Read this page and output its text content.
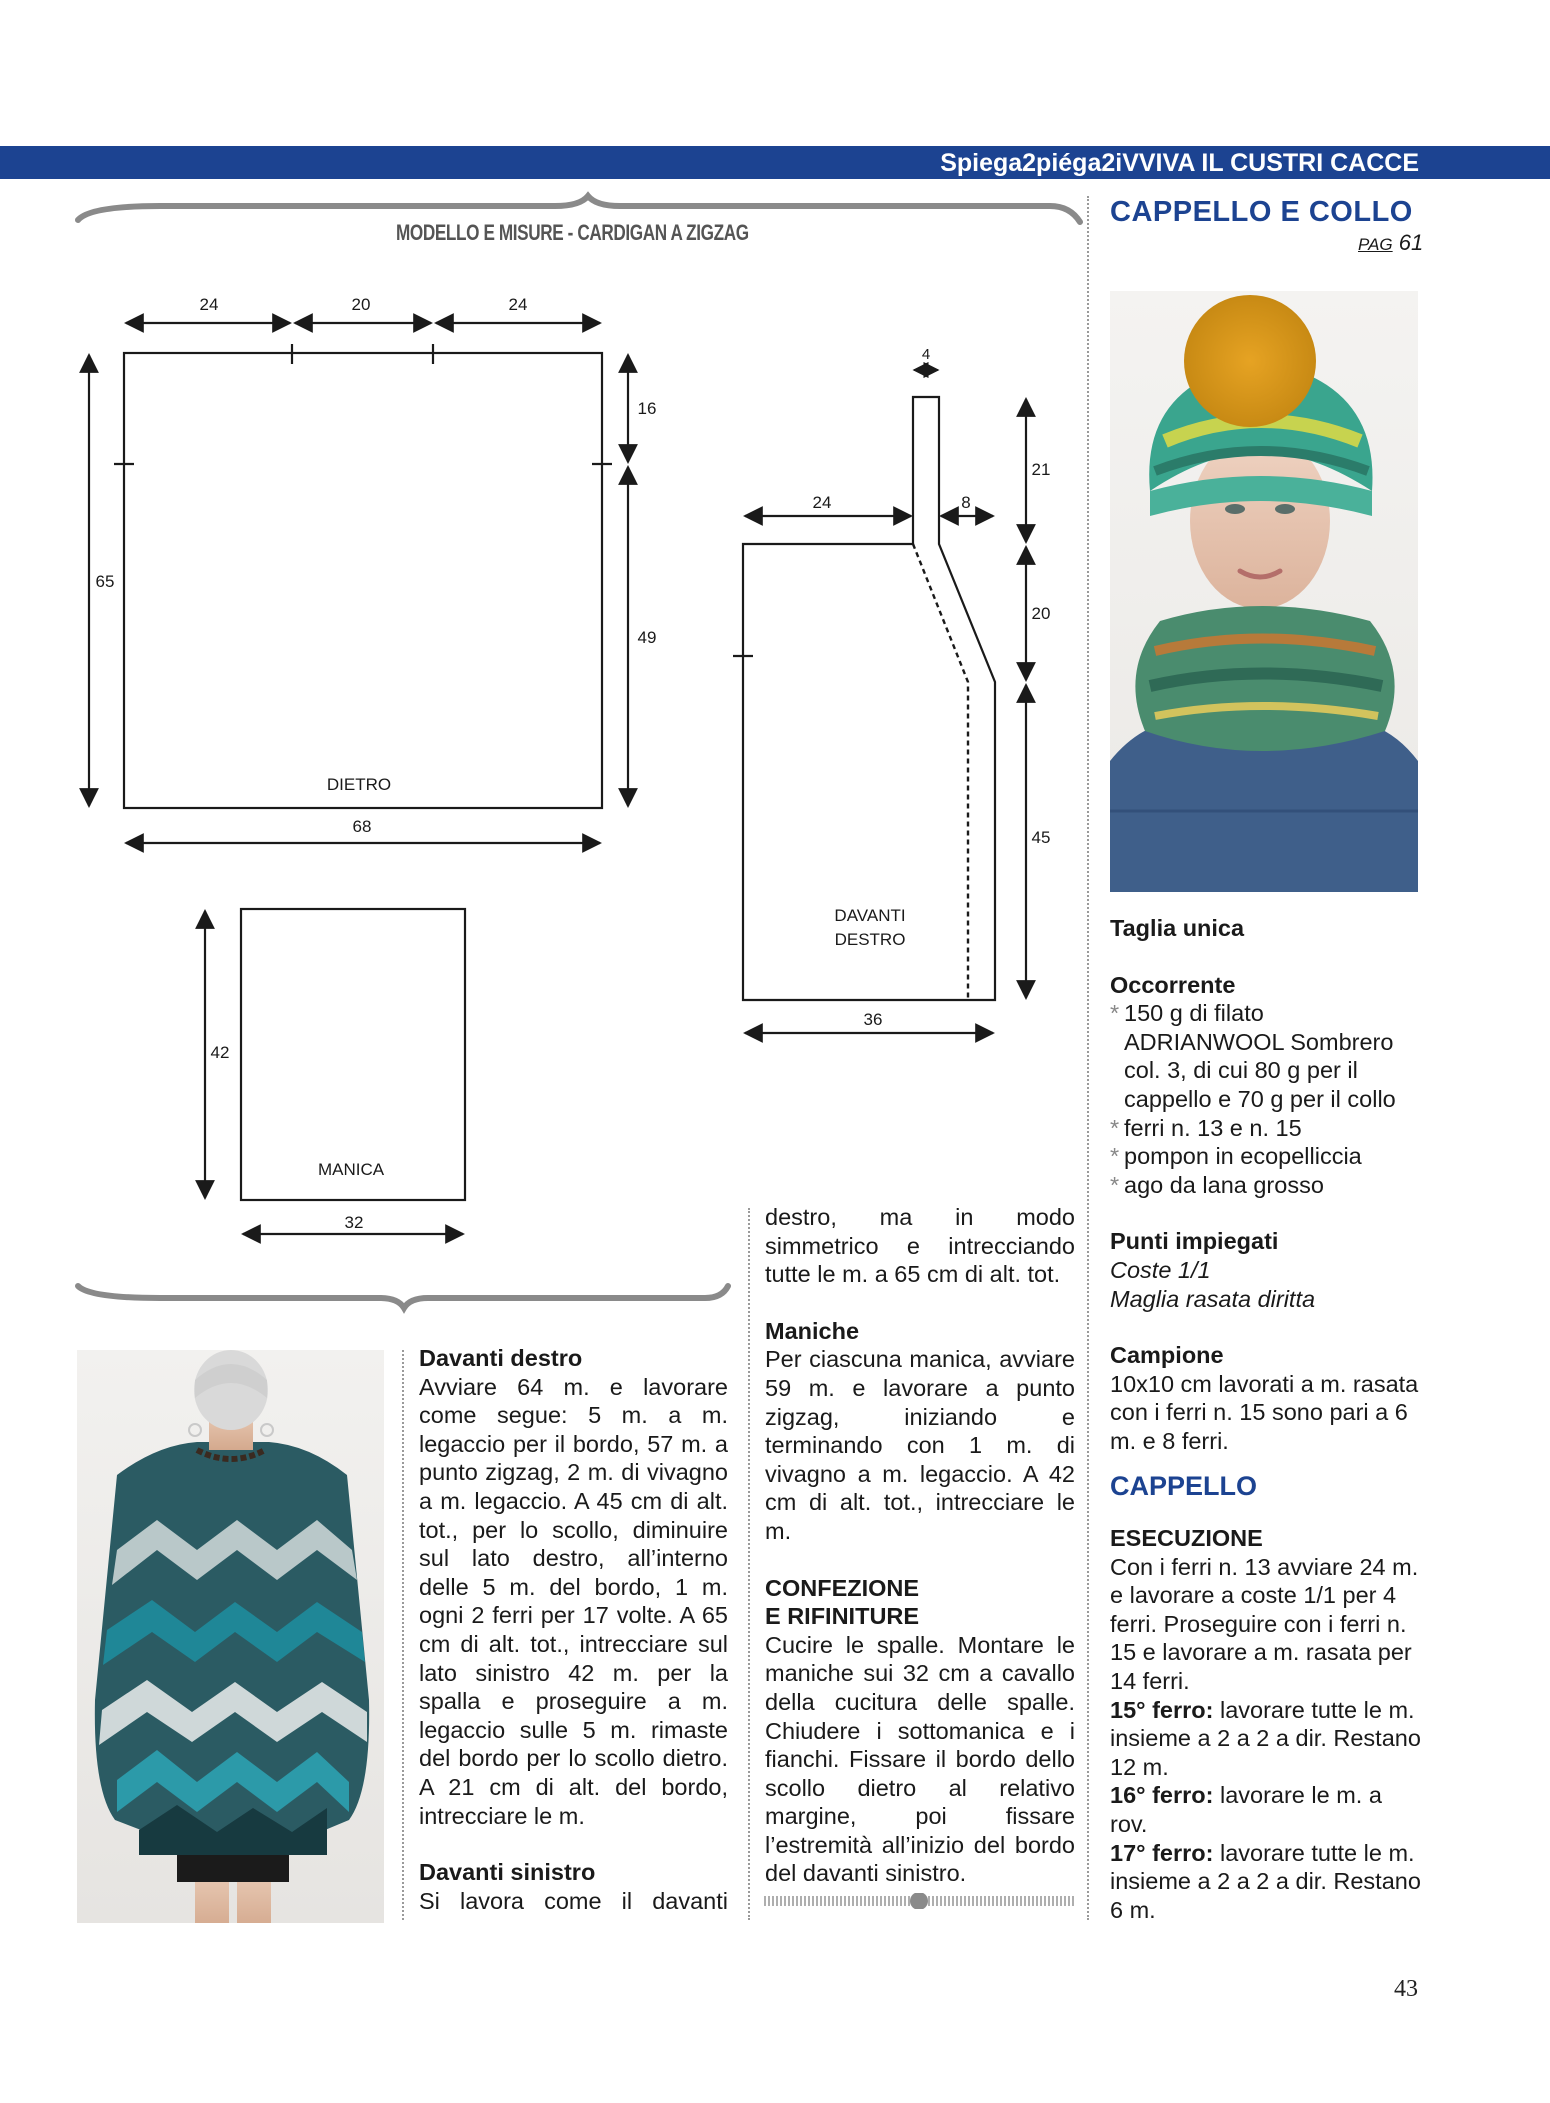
Spiega2piéga2iVVIVA IL CUSTRI CACCE
MODELLO E MISURE - CARDIGAN A ZIGZAG
24	20	24
16
65
49
DIETRO
68
42
MANICA
32
4
24	8
21
20
45
DAVANTI
DESTRO
36

Davanti destro

Avviare 64 m. e lavorare come segue: 5 m. a m. legaccio per il bordo, 57 m. a punto zigzag, 2 m. di vivagno a m. legaccio. A 45 cm di alt. tot., per lo scollo, diminuire sul lato destro, all’interno delle 5 m. del bordo, 1 m. ogni 2 ferri per 17 volte. A 65 cm di alt. tot., intrecciare sul lato sinistro 42 m. per la spalla e proseguire a m. legaccio sulle 5 m. rimaste del bordo per lo scollo dietro. A 21 cm di alt. del bordo, intrecciare le m.

Davanti sinistro

Si lavora come il davanti

destro, ma in modo simmetrico e intrecciando tutte le m. a 65 cm di alt. tot.

Maniche

Per ciascuna manica, avviare 59 m. e lavorare a punto zigzag, iniziando e terminando con 1 m. di vivagno a m. legaccio. A 42 cm di alt. tot., intrecciare le m.

CONFEZIONE

E RIFINITURE

Cucire le spalle. Montare le maniche sui 32 cm a cavallo della cucitura delle spalle. Chiudere i sottomanica e i fianchi. Fissare il bordo dello scollo dietro al relativo margine, poi fissare l’estremità all’inizio del bordo del davanti sinistro.

CAPPELLO E COLLO
PAG 61

Taglia unica

Occorrente

* 150 g di filato ADRIANWOOL Sombrero col. 3, di cui 80 g per il cappello e 70 g per il collo
* ferri n. 13 e n. 15
* pompon in ecopelliccia
* ago da lana grosso

Punti impiegati

Coste 1/1

Maglia rasata diritta

Campione

10x10 cm lavorati a m. rasata con i ferri n. 15 sono pari a 6 m. e 8 ferri.

CAPPELLO

ESECUZIONE

Con i ferri n. 13 avviare 24 m. e lavorare a coste 1/1 per 4 ferri. Proseguire con i ferri n. 15 e lavorare a m. rasata per 14 ferri.

15° ferro: lavorare tutte le m. insieme a 2 a 2 a dir. Restano 12 m.

16° ferro: lavorare le m. a rov.

17° ferro: lavorare tutte le m. insieme a 2 a 2 a dir. Restano 6 m.

43
